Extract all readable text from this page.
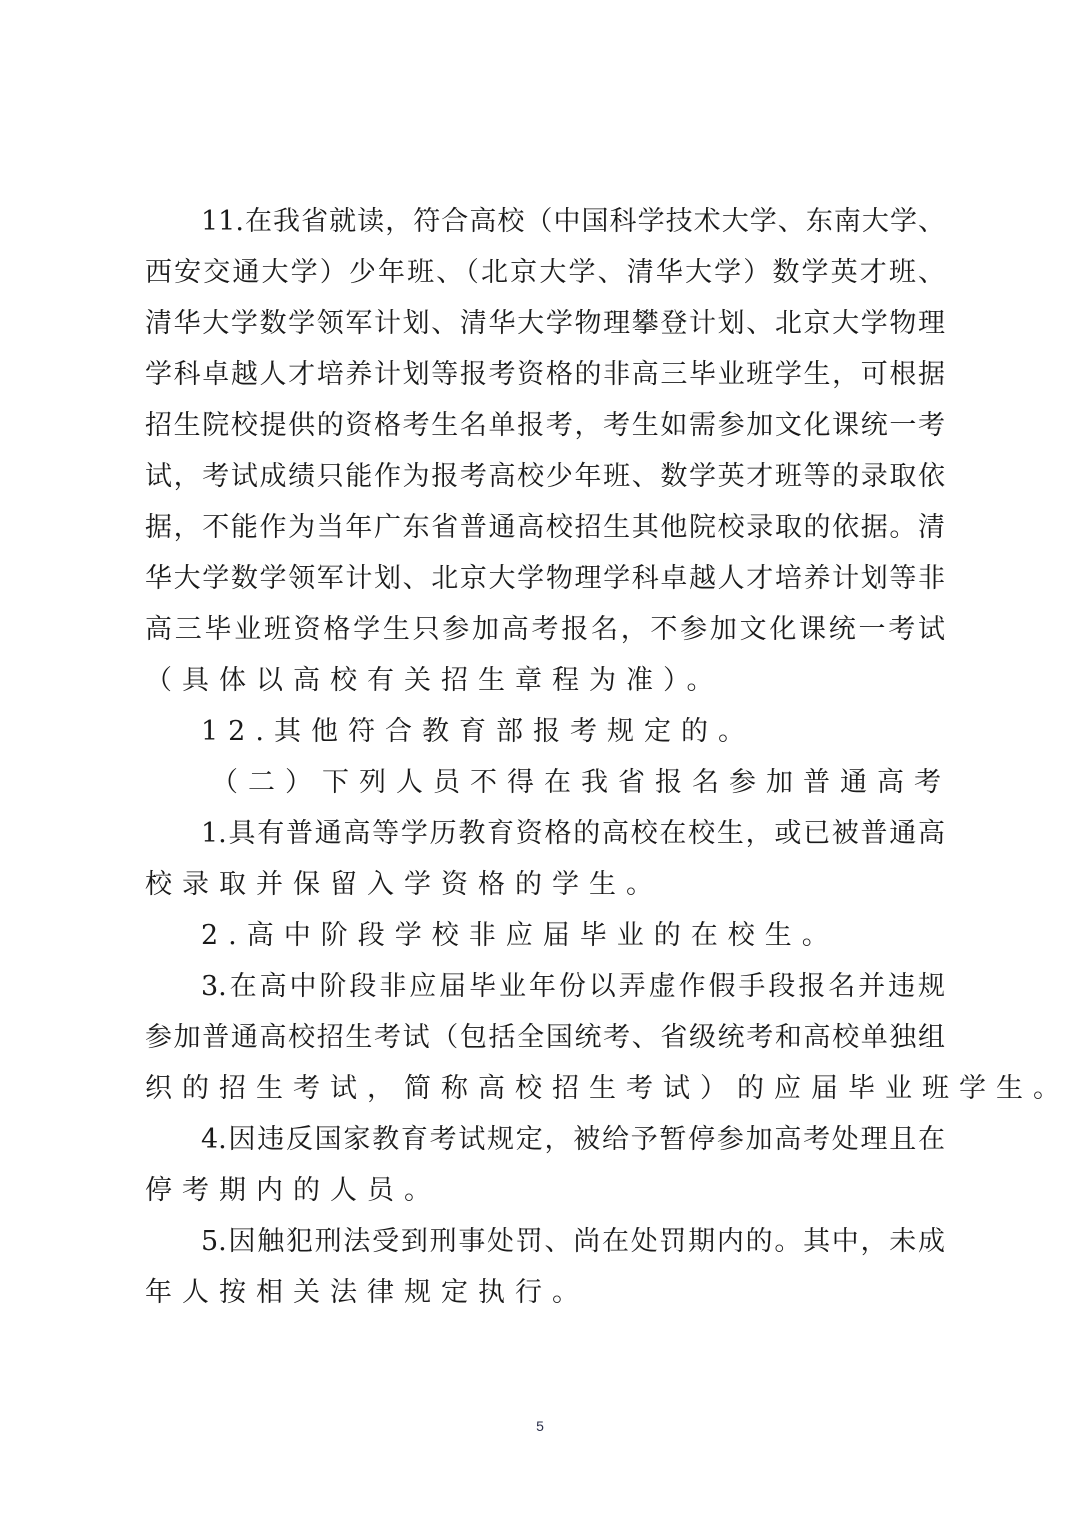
11.在我省就读，符合高校（中国科学技术大学、东南大学、
西安交通大学）少年班、（北京大学、清华大学）数学英才班、
清华大学数学领军计划、清华大学物理攀登计划、北京大学物理
学科卓越人才培养计划等报考资格的非高三毕业班学生，可根据
招生院校提供的资格考生名单报考，考生如需参加文化课统一考
试，考试成绩只能作为报考高校少年班、数学英才班等的录取依
据，不能作为当年广东省普通高校招生其他院校录取的依据。清
华大学数学领军计划、北京大学物理学科卓越人才培养计划等非
高三毕业班资格学生只参加高考报名，不参加文化课统一考试
（具体以高校有关招生章程为准）。
12.其他符合教育部报考规定的。
（二）下列人员不得在我省报名参加普通高考
1.具有普通高等学历教育资格的高校在校生，或已被普通高
校录取并保留入学资格的学生。
2.高中阶段学校非应届毕业的在校生。
3.在高中阶段非应届毕业年份以弄虚作假手段报名并违规
参加普通高校招生考试（包括全国统考、省级统考和高校单独组
织的招生考试，简称高校招生考试）的应届毕业班学生。
4.因违反国家教育考试规定，被给予暂停参加高考处理且在
停考期内的人员。
5.因触犯刑法受到刑事处罚、尚在处罚期内的。其中，未成
年人按相关法律规定执行。
5
